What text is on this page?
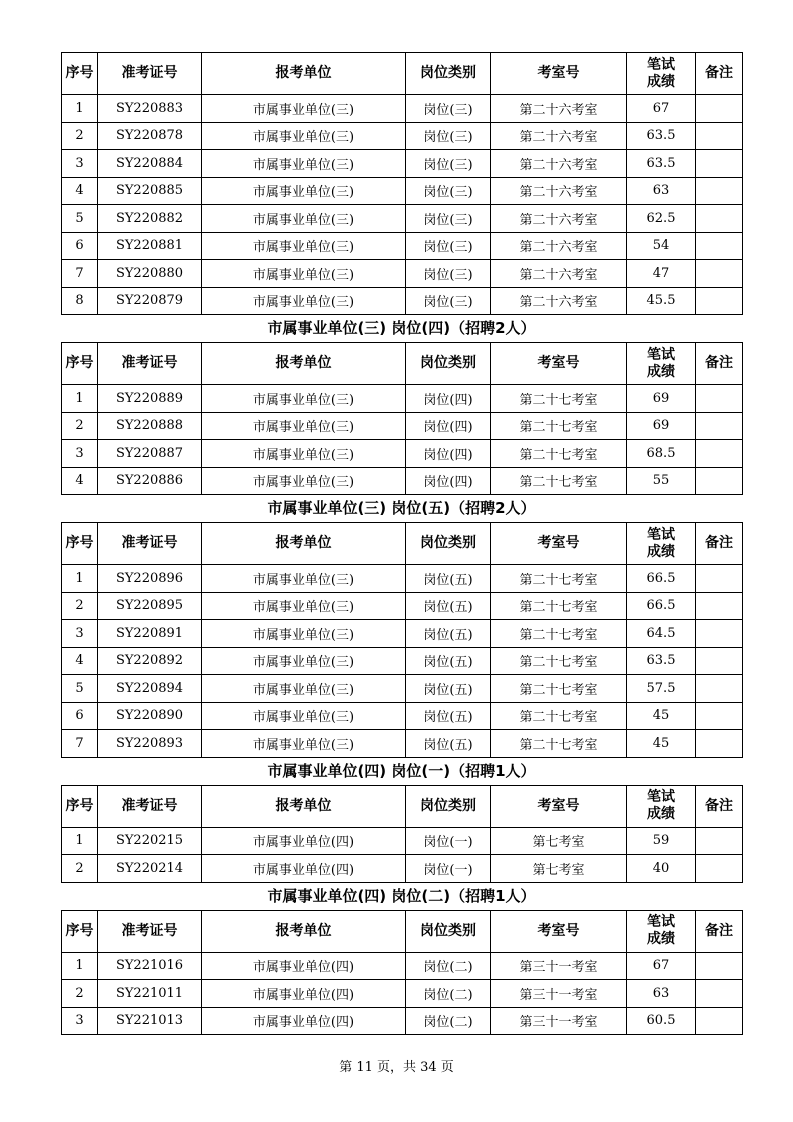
序号	准考证号	报考单位	岗位类别	考室号	笔试
成绩	备注
1	SY220883	市属事业单位(三)	岗位(三)	第二十六考室	67	
2	SY220878	市属事业单位(三)	岗位(三)	第二十六考室	63.5	
3	SY220884	市属事业单位(三)	岗位(三)	第二十六考室	63.5	
4	SY220885	市属事业单位(三)	岗位(三)	第二十六考室	63	
5	SY220882	市属事业单位(三)	岗位(三)	第二十六考室	62.5	
6	SY220881	市属事业单位(三)	岗位(三)	第二十六考室	54	
7	SY220880	市属事业单位(三)	岗位(三)	第二十六考室	47	
8	SY220879	市属事业单位(三)	岗位(三)	第二十六考室	45.5	
市属事业单位(三) 岗位(四)（招聘2人）
序号	准考证号	报考单位	岗位类别	考室号	笔试
成绩	备注
1	SY220889	市属事业单位(三)	岗位(四)	第二十七考室	69	
2	SY220888	市属事业单位(三)	岗位(四)	第二十七考室	69	
3	SY220887	市属事业单位(三)	岗位(四)	第二十七考室	68.5	
4	SY220886	市属事业单位(三)	岗位(四)	第二十七考室	55	
市属事业单位(三) 岗位(五)（招聘2人）
序号	准考证号	报考单位	岗位类别	考室号	笔试
成绩	备注
1	SY220896	市属事业单位(三)	岗位(五)	第二十七考室	66.5	
2	SY220895	市属事业单位(三)	岗位(五)	第二十七考室	66.5	
3	SY220891	市属事业单位(三)	岗位(五)	第二十七考室	64.5	
4	SY220892	市属事业单位(三)	岗位(五)	第二十七考室	63.5	
5	SY220894	市属事业单位(三)	岗位(五)	第二十七考室	57.5	
6	SY220890	市属事业单位(三)	岗位(五)	第二十七考室	45	
7	SY220893	市属事业单位(三)	岗位(五)	第二十七考室	45	
市属事业单位(四) 岗位(一)（招聘1人）
序号	准考证号	报考单位	岗位类别	考室号	笔试
成绩	备注
1	SY220215	市属事业单位(四)	岗位(一)	第七考室	59	
2	SY220214	市属事业单位(四)	岗位(一)	第七考室	40	
市属事业单位(四) 岗位(二)（招聘1人）
序号	准考证号	报考单位	岗位类别	考室号	笔试
成绩	备注
1	SY221016	市属事业单位(四)	岗位(二)	第三十一考室	67	
2	SY221011	市属事业单位(四)	岗位(二)	第三十一考室	63	
3	SY221013	市属事业单位(四)	岗位(二)	第三十一考室	60.5	
第 11 页，共 34 页
